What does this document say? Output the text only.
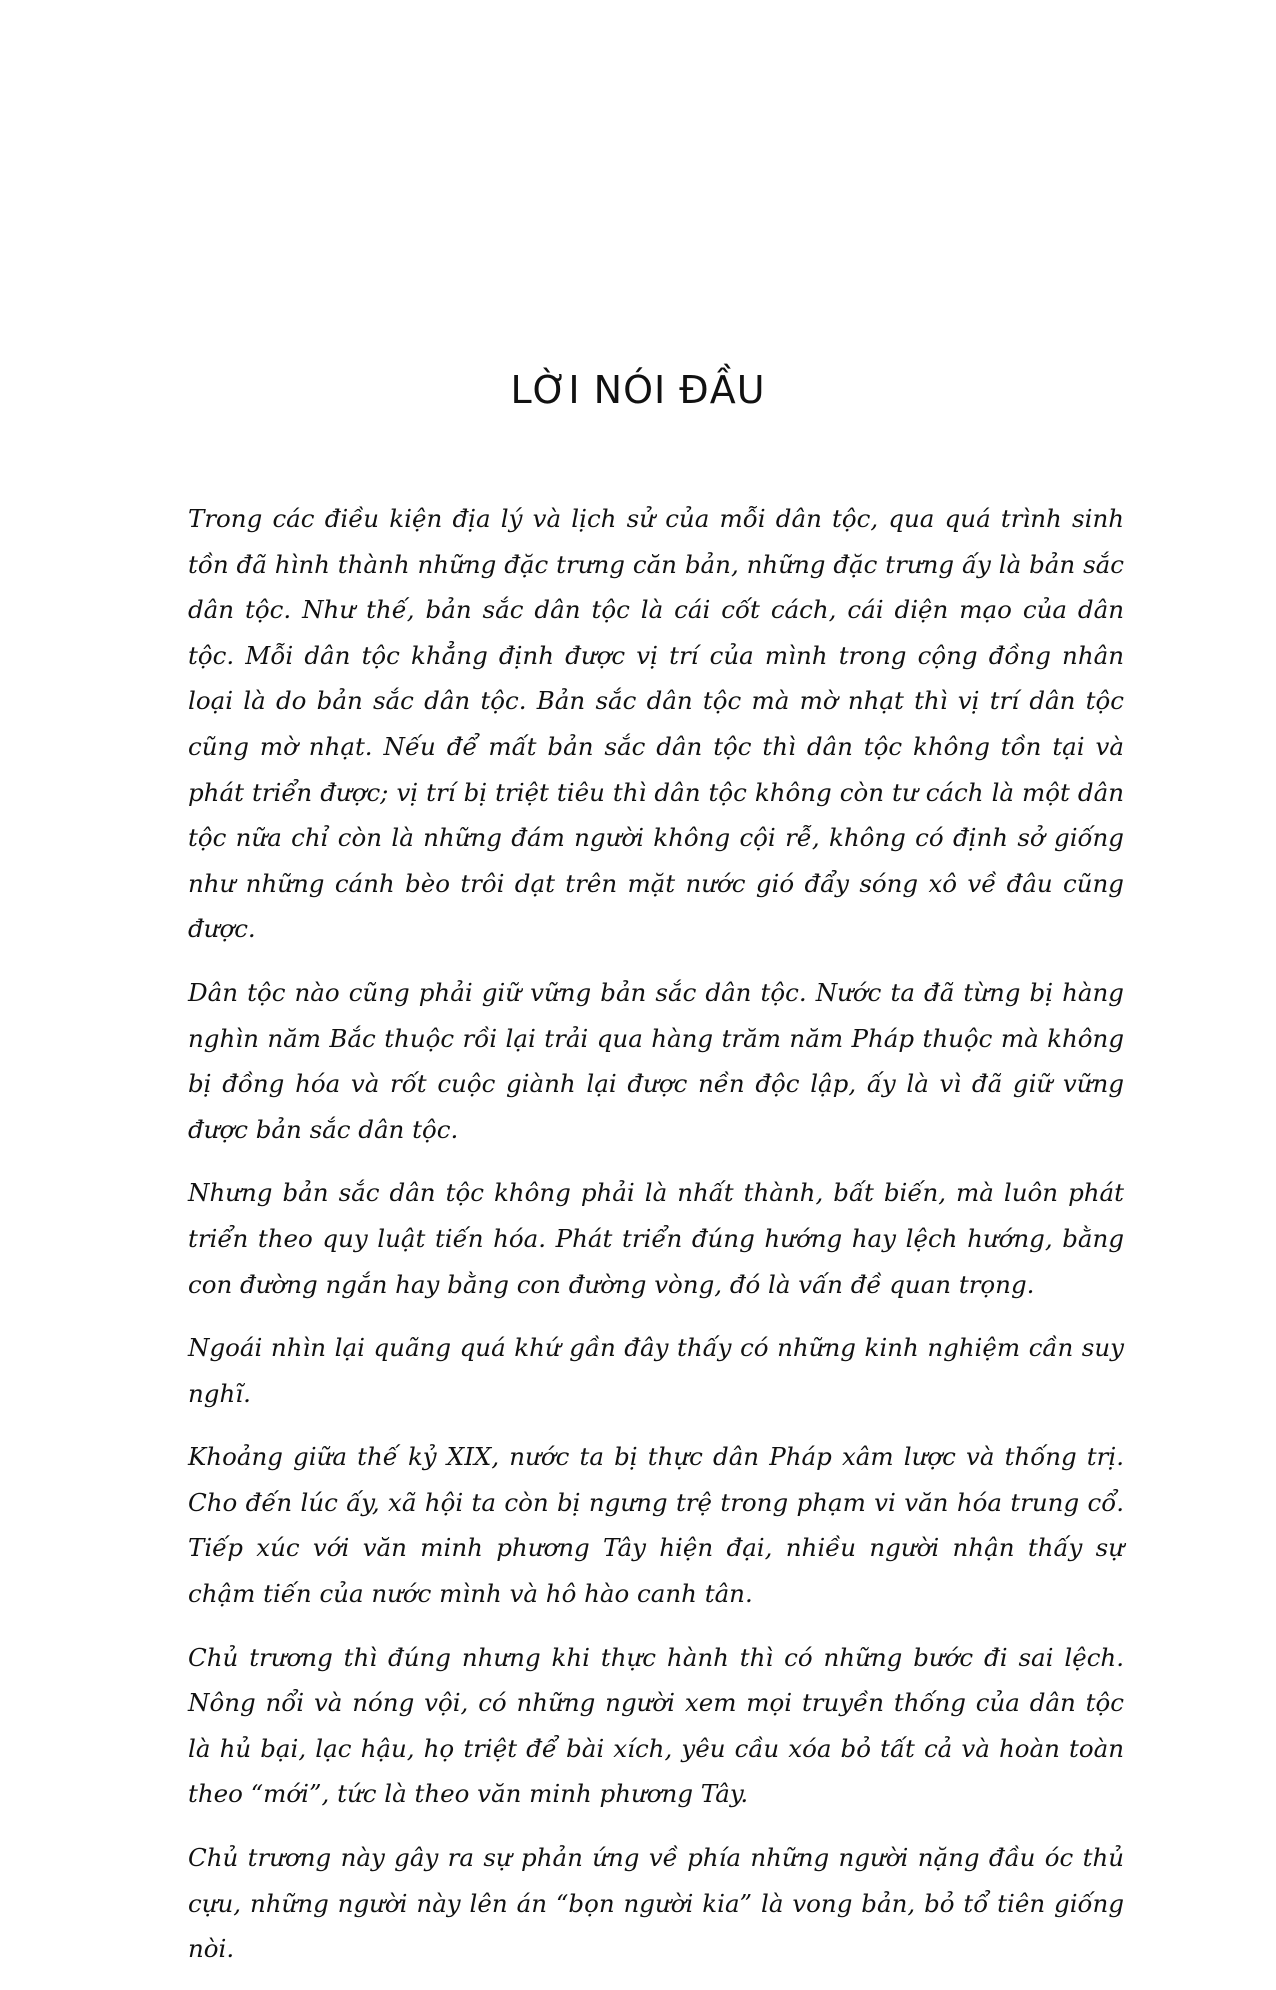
LỜI NÓI ĐẦU

Trong các điều kiện địa lý và lịch sử của mỗi dân tộc, qua quá trình sinh tồn đã hình thành những đặc trưng căn bản, những đặc trưng ấy là bản sắc dân tộc. Như thế, bản sắc dân tộc là cái cốt cách, cái diện mạo của dân tộc. Mỗi dân tộc khẳng định được vị trí của mình trong cộng đồng nhân loại là do bản sắc dân tộc. Bản sắc dân tộc mà mờ nhạt thì vị trí dân tộc cũng mờ nhạt. Nếu để mất bản sắc dân tộc thì dân tộc không tồn tại và phát triển được; vị trí bị triệt tiêu thì dân tộc không còn tư cách là một dân tộc nữa chỉ còn là những đám người không cội rễ, không có định sở giống như những cánh bèo trôi dạt trên mặt nước gió đẩy sóng xô về đâu cũng được.

Dân tộc nào cũng phải giữ vững bản sắc dân tộc. Nước ta đã từng bị hàng nghìn năm Bắc thuộc rồi lại trải qua hàng trăm năm Pháp thuộc mà không bị đồng hóa và rốt cuộc giành lại được nền độc lập, ấy là vì đã giữ vững được bản sắc dân tộc.

Nhưng bản sắc dân tộc không phải là nhất thành, bất biến, mà luôn phát triển theo quy luật tiến hóa. Phát triển đúng hướng hay lệch hướng, bằng con đường ngắn hay bằng con đường vòng, đó là vấn đề quan trọng.

Ngoái nhìn lại quãng quá khứ gần đây thấy có những kinh nghiệm cần suy nghĩ.

Khoảng giữa thế kỷ XIX, nước ta bị thực dân Pháp xâm lược và thống trị. Cho đến lúc ấy, xã hội ta còn bị ngưng trệ trong phạm vi văn hóa trung cổ. Tiếp xúc với văn minh phương Tây hiện đại, nhiều người nhận thấy sự chậm tiến của nước mình và hô hào canh tân.

Chủ trương thì đúng nhưng khi thực hành thì có những bước đi sai lệch. Nông nổi và nóng vội, có những người xem mọi truyền thống của dân tộc là hủ bại, lạc hậu, họ triệt để bài xích, yêu cầu xóa bỏ tất cả và hoàn toàn theo “mới”, tức là theo văn minh phương Tây.

Chủ trương này gây ra sự phản ứng về phía những người nặng đầu óc thủ cựu, những người này lên án “bọn người kia” là vong bản, bỏ tổ tiên giống nòi.
